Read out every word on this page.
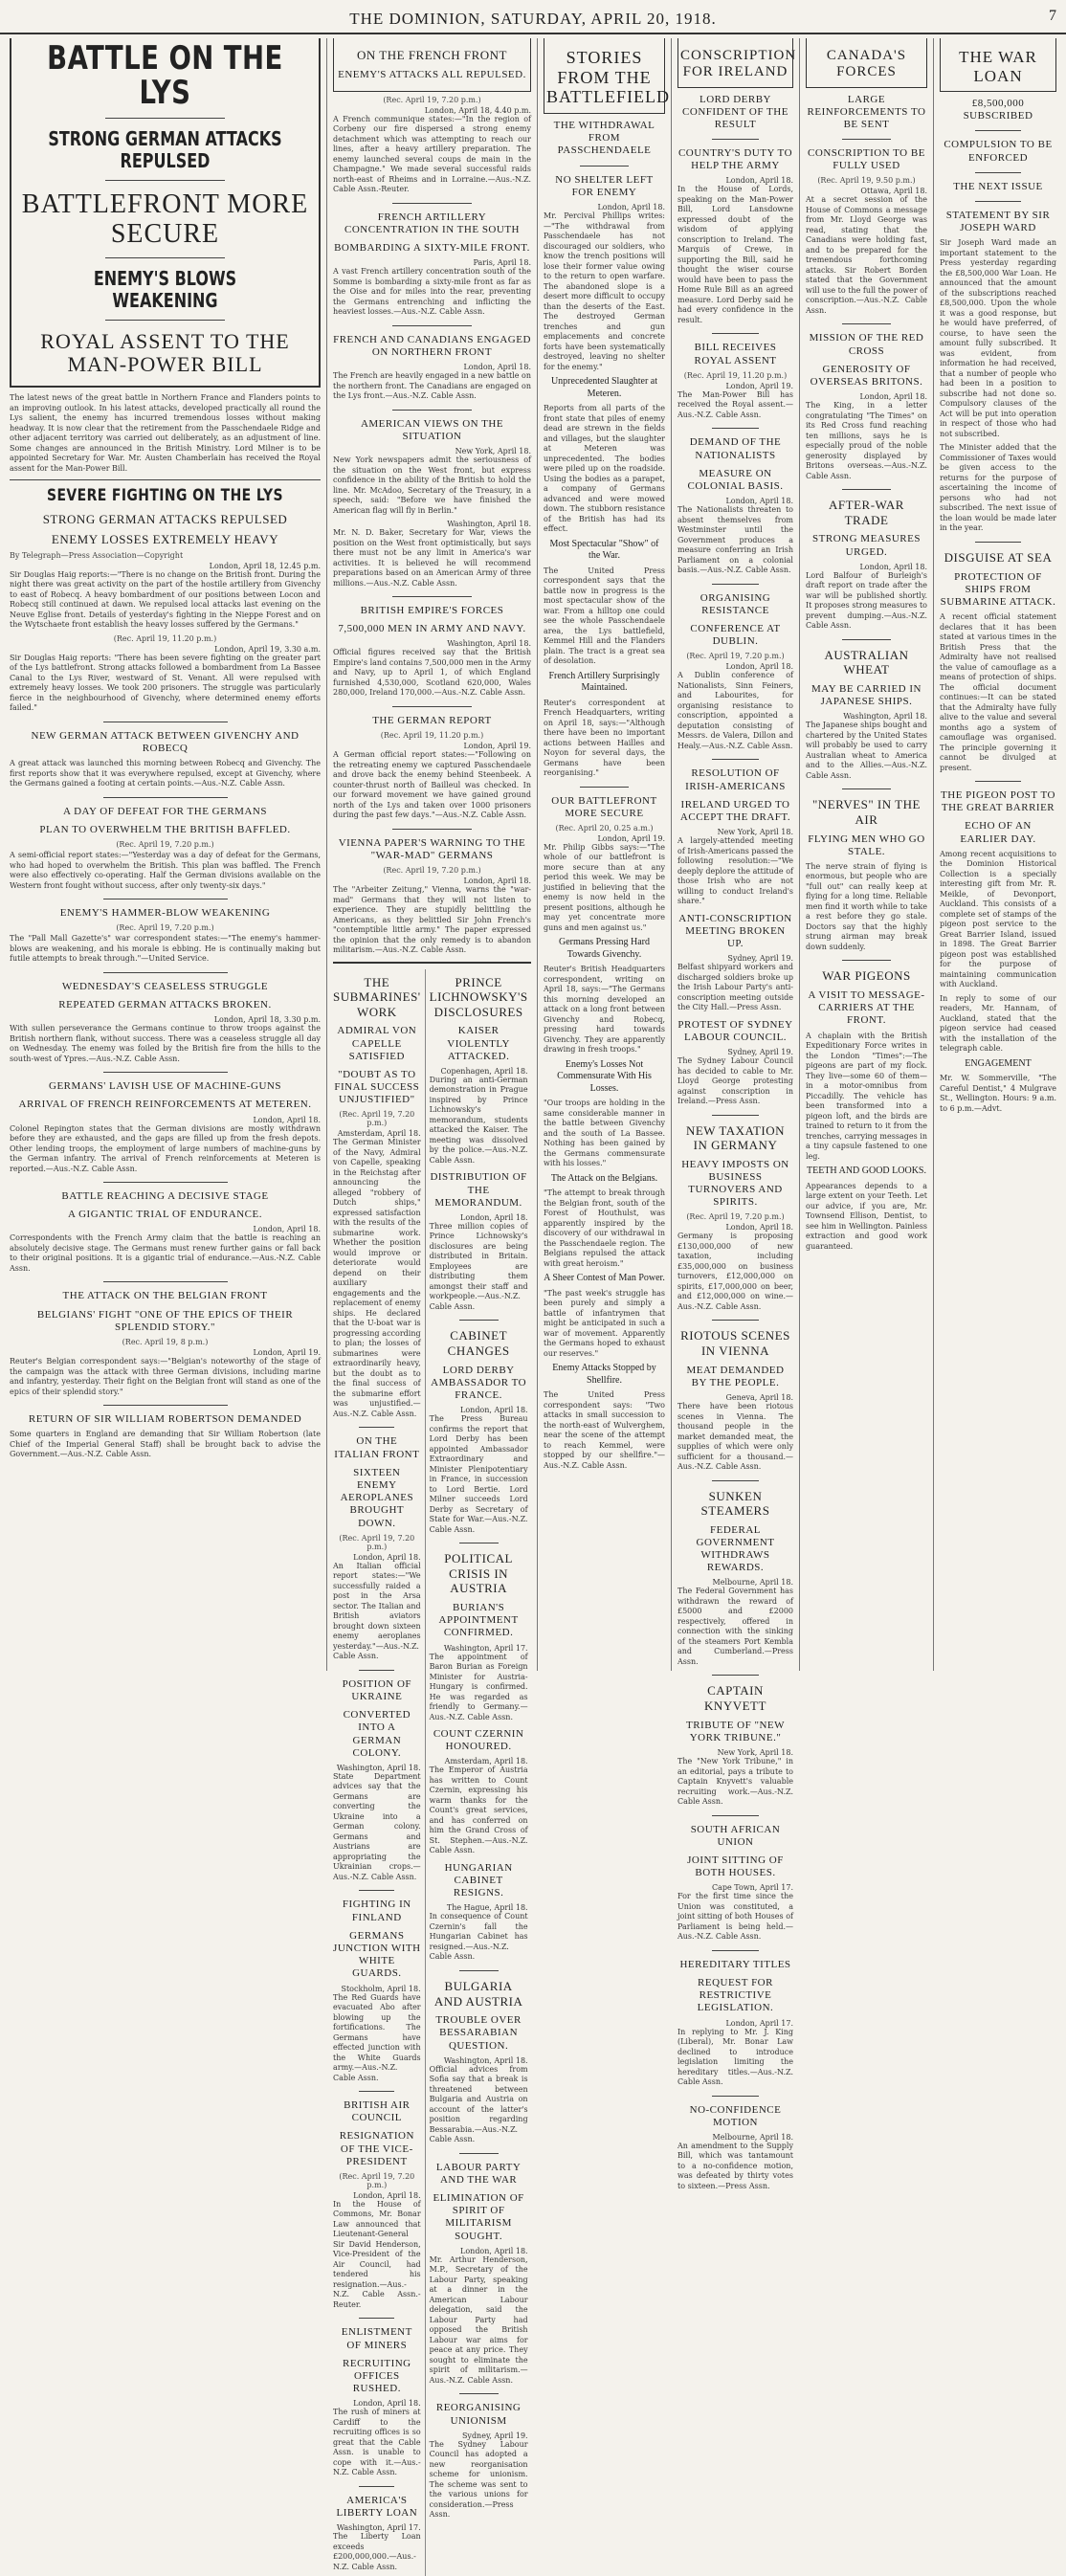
THE DOMINION, SATURDAY, APRIL 20, 1918.	7
BATTLE ON THE LYS
STRONG GERMAN ATTACKS REPULSED
BATTLEFRONT MORE SECURE
ENEMY'S BLOWS WEAKENING
ROYAL ASSENT TO THE MAN-POWER BILL
The latest news of the great battle in Northern France and Flanders points to an improving outlook. In his latest attacks, developed practically all round the Lys salient, the enemy has incurred tremendous losses without making headway. It is now clear that the retirement from the Passchendaele Ridge and other adjacent territory was carried out deliberately, as an adjustment of line. Some changes are announced in the British Ministry. Lord Milner is to be appointed Secretary for War. Mr. Austen Chamberlain has received the Royal assent for the Man-Power Bill.
SEVERE FIGHTING ON THE LYS
STRONG GERMAN ATTACKS REPULSED
ENEMY LOSSES EXTREMELY HEAVY
By Telegraph—Press Association—Copyright
London, April 18, 12.45 p.m.
Sir Douglas Haig reports:—"There is no change on the British front. During the night there was great activity on the part of the hostile artillery from Givenchy to east of Robecq. A heavy bombardment of our positions between Locon and Robecq still continued at dawn. We repulsed local attacks last evening on the Neuve Eglise front. Details of yesterday's fighting in the Nieppe Forest and on the Wytschaete front establish the heavy losses suffered by the Germans."
(Rec. April 19, 11.20 p.m.)
London, April 19, 3.30 a.m.
Sir Douglas Haig reports: "There has been severe fighting on the greater part of the Lys battlefront. Strong attacks followed a bombardment from La Bassee Canal to the Lys River, westward of St. Venant. All were repulsed with extremely heavy losses. We took 200 prisoners. The struggle was particularly fierce in the neighbourhood of Givenchy, where determined enemy efforts failed."
NEW GERMAN ATTACK BETWEEN GIVENCHY AND ROBECQ
A great attack was launched this morning between Robecq and Givenchy. The first reports show that it was everywhere repulsed, except at Givenchy, where the Germans gained a footing at certain points.—Aus.-N.Z. Cable Assn.
A DAY OF DEFEAT FOR THE GERMANS
PLAN TO OVERWHELM THE BRITISH BAFFLED.
(Rec. April 19, 7.20 p.m.)
A semi-official report states:—"Yesterday was a day of defeat for the Germans, who had hoped to overwhelm the British. This plan was baffled. The French were also effectively co-operating. Half the German divisions available on the Western front fought without success, after only twenty-six days."
ENEMY'S HAMMER-BLOW WEAKENING
(Rec. April 19, 7.20 p.m.)
The "Pall Mall Gazette's" war correspondent states:—"The enemy's hammer-blows are weakening, and his morale is ebbing. He is continually making but futile attempts to break through."—United Service.
WEDNESDAY'S CEASELESS STRUGGLE
REPEATED GERMAN ATTACKS BROKEN.
London, April 18, 3.30 p.m.
With sullen perseverance the Germans continue to throw troops against the British northern flank, without success. There was a ceaseless struggle all day on Wednesday. The enemy was foiled by the British fire from the hills to the south-west of Ypres.—Aus.-N.Z. Cable Assn.
GERMANS' LAVISH USE OF MACHINE-GUNS
ARRIVAL OF FRENCH REINFORCEMENTS AT METEREN.
London, April 18.
Colonel Repington states that the German divisions are mostly withdrawn before they are exhausted, and the gaps are filled up from the fresh depots. Other lending troops, the employment of large numbers of machine-guns by the German infantry. The arrival of French reinforcements at Meteren is reported.—Aus.-N.Z. Cable Assn.
BATTLE REACHING A DECISIVE STAGE
A GIGANTIC TRIAL OF ENDURANCE.
London, April 18.
Correspondents with the French Army claim that the battle is reaching an absolutely decisive stage. The Germans must renew further gains or fall back to their original positions. It is a gigantic trial of endurance.—Aus.-N.Z. Cable Assn.
THE ATTACK ON THE BELGIAN FRONT
BELGIANS' FIGHT "ONE OF THE EPICS OF THEIR SPLENDID STORY."
(Rec. April 19, 8 p.m.)
London, April 19.
Reuter's Belgian correspondent says:—"Belgian's noteworthy of the stage of the campaign was the attack with three German divisions, including marine and infantry, yesterday. Their fight on the Belgian front will stand as one of the epics of their splendid story."
RETURN OF SIR WILLIAM ROBERTSON DEMANDED
Some quarters in England are demanding that Sir William Robertson (late Chief of the Imperial General Staff) shall be brought back to advise the Government.—Aus.-N.Z. Cable Assn.
ON THE FRENCH FRONT
ENEMY'S ATTACKS ALL REPULSED.
(Rec. April 19, 7.20 p.m.)
London, April 18, 4.40 p.m.
A French communique states:—"In the region of Corbeny our fire dispersed a strong enemy detachment which was attempting to reach our lines, after a heavy artillery preparation. The enemy launched several coups de main in the Champagne." We made several successful raids north-east of Rheims and in Lorraine.—Aus.-N.Z. Cable Assn.-Reuter.
FRENCH ARTILLERY CONCENTRATION IN THE SOUTH
BOMBARDING A SIXTY-MILE FRONT.
Paris, April 18.
A vast French artillery concentration south of the Somme is bombarding a sixty-mile front as far as the Oise and for miles into the rear, preventing the Germans entrenching and inflicting the heaviest losses.—Aus.-N.Z. Cable Assn.
FRENCH AND CANADIANS ENGAGED ON NORTHERN FRONT
London, April 18.
The French are heavily engaged in a new battle on the northern front. The Canadians are engaged on the Lys front.—Aus.-N.Z. Cable Assn.
AMERICAN VIEWS ON THE SITUATION
New York, April 18.
New York newspapers admit the seriousness of the situation on the West front, but express confidence in the ability of the British to hold the line. Mr. McAdoo, Secretary of the Treasury, in a speech, said: "Before we have finished the American flag will fly in Berlin."
Washington, April 18.
Mr. N. D. Baker, Secretary for War, views the position on the West front optimistically, but says there must not be any limit in America's war activities. It is believed he will recommend preparations based on an American Army of three millions.—Aus.-N.Z. Cable Assn.
BRITISH EMPIRE'S FORCES
7,500,000 MEN IN ARMY AND NAVY.
Washington, April 18.
Official figures received say that the British Empire's land contains 7,500,000 men in the Army and Navy, up to April 1, of which England furnished 4,530,000, Scotland 620,000, Wales 280,000, Ireland 170,000.—Aus.-N.Z. Cable Assn.
THE GERMAN REPORT
(Rec. April 19, 11.20 p.m.)
London, April 19.
A German official report states:—"Following on the retreating enemy we captured Passchendaele and drove back the enemy behind Steenbeek. A counter-thrust north of Bailleul was checked. In our forward movement we have gained ground north of the Lys and taken over 1000 prisoners during the past few days."—Aus.-N.Z. Cable Assn.
VIENNA PAPER'S WARNING TO THE "WAR-MAD" GERMANS
(Rec. April 19, 7.20 p.m.)
London, April 18.
The "Arbeiter Zeitung," Vienna, warns the "war-mad" Germans that they will not listen to experience. They are stupidly belittling the Americans, as they belittled Sir John French's "contemptible little army." The paper expressed the opinion that the only remedy is to abandon militarism.—Aus.-N.Z. Cable Assn.
THE SUBMARINES' WORK
ADMIRAL VON CAPELLE SATISFIED
"DOUBT AS TO FINAL SUCCESS UNJUSTIFIED"
(Rec. April 19, 7.20 p.m.)
Amsterdam, April 18.
The German Minister of the Navy, Admiral von Capelle, speaking in the Reichstag after announcing the alleged "robbery of Dutch ships," expressed satisfaction with the results of the submarine work. Whether the position would improve or deteriorate would depend on their auxiliary engagements and the replacement of enemy ships. He declared that the U-boat war is progressing according to plan; the losses of submarines were extraordinarily heavy, but the doubt as to the final success of the submarine effort was unjustified.—Aus.-N.Z. Cable Assn.
ON THE ITALIAN FRONT
SIXTEEN ENEMY AEROPLANES BROUGHT DOWN.
(Rec. April 19, 7.20 p.m.)
London, April 18.
An Italian official report states:—"We successfully raided a post in the Arsa sector. The Italian and British aviators brought down sixteen enemy aeroplanes yesterday."—Aus.-N.Z. Cable Assn.
POSITION OF UKRAINE
CONVERTED INTO A GERMAN COLONY.
Washington, April 18.
State Department advices say that the Germans are converting the Ukraine into a German colony. Germans and Austrians are appropriating the Ukrainian crops.—Aus.-N.Z. Cable Assn.
FIGHTING IN FINLAND
GERMANS JUNCTION WITH WHITE GUARDS.
Stockholm, April 18.
The Red Guards have evacuated Abo after blowing up the fortifications. The Germans have effected junction with the White Guards army.—Aus.-N.Z. Cable Assn.
BRITISH AIR COUNCIL
RESIGNATION OF THE VICE-PRESIDENT
(Rec. April 19, 7.20 p.m.)
London, April 18.
In the House of Commons, Mr. Bonar Law announced that Lieutenant-General Sir David Henderson, Vice-President of the Air Council, had tendered his resignation.—Aus.-N.Z. Cable Assn.-Reuter.
ENLISTMENT OF MINERS
RECRUITING OFFICES RUSHED.
London, April 18.
The rush of miners at Cardiff to the recruiting offices is so great that the Cable Assn. is unable to cope with it.—Aus.-N.Z. Cable Assn.
AMERICA'S LIBERTY LOAN
Washington, April 17.
The Liberty Loan exceeds £200,000,000.—Aus.-N.Z. Cable Assn.
PRINCE LICHNOWSKY'S DISCLOSURES
KAISER VIOLENTLY ATTACKED.
Copenhagen, April 18.
During an anti-German demonstration in Prague inspired by Prince Lichnowsky's memorandum, students attacked the Kaiser. The meeting was dissolved by the police.—Aus.-N.Z. Cable Assn.
DISTRIBUTION OF THE MEMORANDUM.
London, April 18.
Three million copies of Prince Lichnowsky's disclosures are being distributed in Britain. Employees are distributing them amongst their staff and workpeople.—Aus.-N.Z. Cable Assn.
CABINET CHANGES
LORD DERBY AMBASSADOR TO FRANCE.
London, April 18.
The Press Bureau confirms the report that Lord Derby has been appointed Ambassador Extraordinary and Minister Plenipotentiary in France, in succession to Lord Bertie. Lord Milner succeeds Lord Derby as Secretary of State for War.—Aus.-N.Z. Cable Assn.
POLITICAL CRISIS IN AUSTRIA
BURIAN'S APPOINTMENT CONFIRMED.
Washington, April 17.
The appointment of Baron Burian as Foreign Minister for Austria-Hungary is confirmed. He was regarded as friendly to Germany.—Aus.-N.Z. Cable Assn.
COUNT CZERNIN HONOURED.
Amsterdam, April 18.
The Emperor of Austria has written to Count Czernin, expressing his warm thanks for the Count's great services, and has conferred on him the Grand Cross of St. Stephen.—Aus.-N.Z. Cable Assn.
HUNGARIAN CABINET RESIGNS.
The Hague, April 18.
In consequence of Count Czernin's fall the Hungarian Cabinet has resigned.—Aus.-N.Z. Cable Assn.
BULGARIA AND AUSTRIA
TROUBLE OVER BESSARABIAN QUESTION.
Washington, April 18.
Official advices from Sofia say that a break is threatened between Bulgaria and Austria on account of the latter's position regarding Bessarabia.—Aus.-N.Z. Cable Assn.
LABOUR PARTY AND THE WAR
ELIMINATION OF SPIRIT OF MILITARISM SOUGHT.
London, April 18.
Mr. Arthur Henderson, M.P., Secretary of the Labour Party, speaking at a dinner in the American Labour delegation, said the Labour Party had opposed the British Labour war aims for peace at any price. They sought to eliminate the spirit of militarism.—Aus.-N.Z. Cable Assn.
REORGANISING UNIONISM
Sydney, April 19.
The Sydney Labour Council has adopted a new reorganisation scheme for unionism. The scheme was sent to the various unions for consideration.—Press Assn.
STORIES FROM THE BATTLEFIELD
THE WITHDRAWAL FROM PASSCHENDAELE
NO SHELTER LEFT FOR ENEMY
London, April 18.
Mr. Percival Phillips writes:—"The withdrawal from Passchendaele has not discouraged our soldiers, who know the trench positions will lose their former value owing to the return to open warfare. The abandoned slope is a desert more difficult to occupy than the deserts of the East. The destroyed German trenches and gun emplacements and concrete forts have been systematically destroyed, leaving no shelter for the enemy."
Unprecedented Slaughter at Meteren.
Reports from all parts of the front state that piles of enemy dead are strewn in the fields and villages, but the slaughter at Meteren was unprecedented. The bodies were piled up on the roadside. Using the bodies as a parapet, a company of Germans advanced and were mowed down. The stubborn resistance of the British has had its effect.
Most Spectacular "Show" of the War.
The United Press correspondent says that the battle now in progress is the most spectacular show of the war. From a hilltop one could see the whole Passchendaele area, the Lys battlefield, Kemmel Hill and the Flanders plain. The tract is a great sea of desolation.
French Artillery Surprisingly Maintained.
Reuter's correspondent at French Headquarters, writing on April 18, says:—"Although there have been no important actions between Hailles and Noyon for several days, the Germans have been reorganising."
OUR BATTLEFRONT MORE SECURE
(Rec. April 20, 0.25 a.m.)
London, April 19.
Mr. Philip Gibbs says:—"The whole of our battlefront is more secure than at any period this week. We may be justified in believing that the enemy is now held in the present positions, although he may yet concentrate more guns and men against us."
Germans Pressing Hard Towards Givenchy.
Reuter's British Headquarters correspondent, writing on April 18, says:—"The Germans this morning developed an attack on a long front between Givenchy and Robecq, pressing hard towards Givenchy. They are apparently drawing in fresh troops."
Enemy's Losses Not Commensurate With His Losses.
"Our troops are holding in the same considerable manner in the battle between Givenchy and the south of La Bassee. Nothing has been gained by the Germans commensurate with his losses."
The Attack on the Belgians.
"The attempt to break through the Belgian front, south of the Forest of Houthulst, was apparently inspired by the discovery of our withdrawal in the Passchendaele region. The Belgians repulsed the attack with great heroism."
A Sheer Contest of Man Power.
"The past week's struggle has been purely and simply a battle of infantrymen that might be anticipated in such a war of movement. Apparently the Germans hoped to exhaust our reserves."
Enemy Attacks Stopped by Shellfire.
The United Press correspondent says: "Two attacks in small succession to the north-east of Wulverghem, near the scene of the attempt to reach Kemmel, were stopped by our shellfire."—Aus.-N.Z. Cable Assn.
CONSCRIPTION FOR IRELAND
LORD DERBY CONFIDENT OF THE RESULT
COUNTRY'S DUTY TO HELP THE ARMY
London, April 18.
In the House of Lords, speaking on the Man-Power Bill, Lord Lansdowne expressed doubt of the wisdom of applying conscription to Ireland. The Marquis of Crewe, in supporting the Bill, said he thought the wiser course would have been to pass the Home Rule Bill as an agreed measure. Lord Derby said he had every confidence in the result.
BILL RECEIVES ROYAL ASSENT
(Rec. April 19, 11.20 p.m.)
London, April 19.
The Man-Power Bill has received the Royal assent.—Aus.-N.Z. Cable Assn.
DEMAND OF THE NATIONALISTS
MEASURE ON COLONIAL BASIS.
London, April 18.
The Nationalists threaten to absent themselves from Westminster until the Government produces a measure conferring an Irish Parliament on a colonial basis.—Aus.-N.Z. Cable Assn.
ORGANISING RESISTANCE
CONFERENCE AT DUBLIN.
(Rec. April 19, 7.20 p.m.)
London, April 18.
A Dublin conference of Nationalists, Sinn Feiners, and Labourites, for organising resistance to conscription, appointed a deputation consisting of Messrs. de Valera, Dillon and Healy.—Aus.-N.Z. Cable Assn.
RESOLUTION OF IRISH-AMERICANS
IRELAND URGED TO ACCEPT THE DRAFT.
New York, April 18.
A largely-attended meeting of Irish-Americans passed the following resolution:—"We deeply deplore the attitude of those Irish who are not willing to conduct Ireland's share."
ANTI-CONSCRIPTION MEETING BROKEN UP.
Sydney, April 19.
Belfast shipyard workers and discharged soldiers broke up the Irish Labour Party's anti-conscription meeting outside the City Hall.—Press Assn.
PROTEST OF SYDNEY LABOUR COUNCIL.
Sydney, April 19.
The Sydney Labour Council has decided to cable to Mr. Lloyd George protesting against conscription in Ireland.—Press Assn.
NEW TAXATION IN GERMANY
HEAVY IMPOSTS ON BUSINESS TURNOVERS AND SPIRITS.
(Rec. April 19, 7.20 p.m.)
London, April 18.
Germany is proposing £130,000,000 of new taxation, including £35,000,000 on business turnovers, £12,000,000 on spirits, £17,000,000 on beer, and £12,000,000 on wine.—Aus.-N.Z. Cable Assn.
RIOTOUS SCENES IN VIENNA
MEAT DEMANDED BY THE PEOPLE.
Geneva, April 18.
There have been riotous scenes in Vienna. The thousand people in the market demanded meat, the supplies of which were only sufficient for a thousand.—Aus.-N.Z. Cable Assn.
SUNKEN STEAMERS
FEDERAL GOVERNMENT WITHDRAWS REWARDS.
Melbourne, April 18.
The Federal Government has withdrawn the reward of £5000 and £2000 respectively, offered in connection with the sinking of the steamers Port Kembla and Cumberland.—Press Assn.
CAPTAIN KNYVETT
TRIBUTE OF "NEW YORK TRIBUNE."
New York, April 18.
The "New York Tribune," in an editorial, pays a tribute to Captain Knyvett's valuable recruiting work.—Aus.-N.Z. Cable Assn.
SOUTH AFRICAN UNION
JOINT SITTING OF BOTH HOUSES.
Cape Town, April 17.
For the first time since the Union was constituted, a joint sitting of both Houses of Parliament is being held.—Aus.-N.Z. Cable Assn.
HEREDITARY TITLES
REQUEST FOR RESTRICTIVE LEGISLATION.
London, April 17.
In replying to Mr. J. King (Liberal), Mr. Bonar Law declined to introduce legislation limiting the hereditary titles.—Aus.-N.Z. Cable Assn.
NO-CONFIDENCE MOTION
Melbourne, April 18.
An amendment to the Supply Bill, which was tantamount to a no-confidence motion, was defeated by thirty votes to sixteen.—Press Assn.
CANADA'S FORCES
LARGE REINFORCEMENTS TO BE SENT
CONSCRIPTION TO BE FULLY USED
(Rec. April 19, 9.50 p.m.)
Ottawa, April 18.
At a secret session of the House of Commons a message from Mr. Lloyd George was read, stating that the Canadians were holding fast, and to be prepared for the tremendous forthcoming attacks. Sir Robert Borden stated that the Government will use to the full the power of conscription.—Aus.-N.Z. Cable Assn.
MISSION OF THE RED CROSS
GENEROSITY OF OVERSEAS BRITONS.
London, April 18.
The King, in a letter congratulating "The Times" on its Red Cross fund reaching ten millions, says he is especially proud of the noble generosity displayed by Britons overseas.—Aus.-N.Z. Cable Assn.
AFTER-WAR TRADE
STRONG MEASURES URGED.
London, April 18.
Lord Balfour of Burleigh's draft report on trade after the war will be published shortly. It proposes strong measures to prevent dumping.—Aus.-N.Z. Cable Assn.
AUSTRALIAN WHEAT
MAY BE CARRIED IN JAPANESE SHIPS.
Washington, April 18.
The Japanese ships bought and chartered by the United States will probably be used to carry Australian wheat to America and to the Allies.—Aus.-N.Z. Cable Assn.
"NERVES" IN THE AIR
FLYING MEN WHO GO STALE.
The nerve strain of flying is enormous, but people who are "full out" can really keep at flying for a long time. Reliable men find it worth while to take a rest before they go stale. Doctors say that the highly strung airman may break down suddenly.
WAR PIGEONS
A VISIT TO MESSAGE-CARRIERS AT THE FRONT.
A chaplain with the British Expeditionary Force writes in the London "Times":—The pigeons are part of my flock. They live—some 60 of them—in a motor-omnibus from Piccadilly. The vehicle has been transformed into a pigeon loft, and the birds are trained to return to it from the trenches, carrying messages in a tiny capsule fastened to one leg.
TEETH AND GOOD LOOKS.
Appearances depends to a large extent on your Teeth. Let our advice, if you are, Mr. Townsend Ellison, Dentist, to see him in Wellington. Painless extraction and good work guaranteed.
THE WAR LOAN
£8,500,000 SUBSCRIBED
COMPULSION TO BE ENFORCED
THE NEXT ISSUE
STATEMENT BY SIR JOSEPH WARD
Sir Joseph Ward made an important statement to the Press yesterday regarding the £8,500,000 War Loan. He announced that the amount of the subscriptions reached £8,500,000. Upon the whole it was a good response, but he would have preferred, of course, to have seen the amount fully subscribed. It was evident, from information he had received, that a number of people who had been in a position to subscribe had not done so. Compulsory clauses of the Act will be put into operation in respect of those who had not subscribed.
The Minister added that the Commissioner of Taxes would be given access to the returns for the purpose of ascertaining the income of persons who had not subscribed. The next issue of the loan would be made later in the year.
DISGUISE AT SEA
PROTECTION OF SHIPS FROM SUBMARINE ATTACK.
A recent official statement declares that it has been stated at various times in the British Press that the Admiralty have not realised the value of camouflage as a means of protection of ships. The official document continues:—It can be stated that the Admiralty have fully alive to the value and several months ago a system of camouflage was organised. The principle governing it cannot be divulged at present.
THE PIGEON POST TO THE GREAT BARRIER
ECHO OF AN EARLIER DAY.
Among recent acquisitions to the Dominion Historical Collection is a specially interesting gift from Mr. R. Meikle, of Devonport, Auckland. This consists of a complete set of stamps of the pigeon post service to the Great Barrier Island, issued in 1898. The Great Barrier pigeon post was established for the purpose of maintaining communication with Auckland.
In reply to some of our readers, Mr. Hannam, of Auckland, stated that the pigeon service had ceased with the installation of the telegraph cable.
ENGAGEMENT
Mr. W. Sommerville, "The Careful Dentist," 4 Mulgrave St., Wellington. Hours: 9 a.m. to 6 p.m.—Advt.
